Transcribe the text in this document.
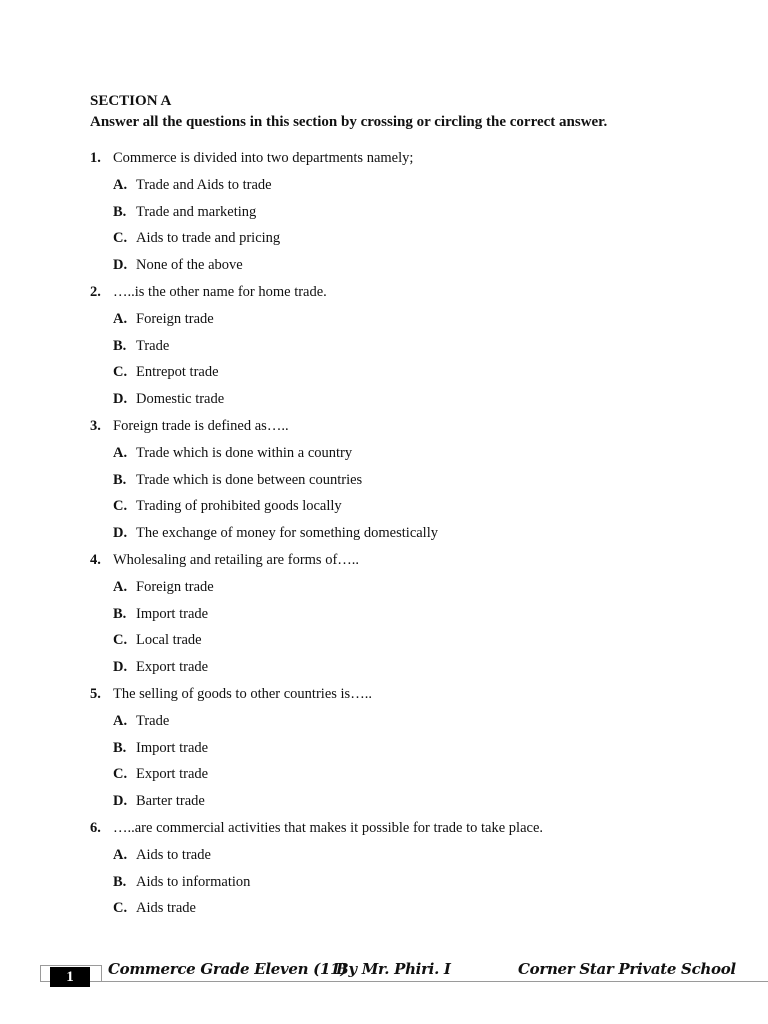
SECTION A
Answer all the questions in this section by crossing or circling the correct answer.
1. Commerce is divided into two departments namely;
A. Trade and Aids to trade
B. Trade and marketing
C. Aids to trade and pricing
D. None of the above
2. …..is the other name for home trade.
A. Foreign trade
B. Trade
C. Entrepot trade
D. Domestic trade
3. Foreign trade is defined as…..
A. Trade which is done within a country
B. Trade which is done between countries
C. Trading of prohibited goods locally
D. The exchange of money for something domestically
4. Wholesaling and retailing are forms of…..
A. Foreign trade
B. Import trade
C. Local trade
D. Export trade
5. The selling of goods to other countries is…..
A. Trade
B. Import trade
C. Export trade
D. Barter trade
6. …..are commercial activities that makes it possible for trade to take place.
A. Aids to trade
B. Aids to information
C. Aids trade
1	Commerce Grade Eleven (11)
By Mr. Phiri. I	Corner Star Private School
